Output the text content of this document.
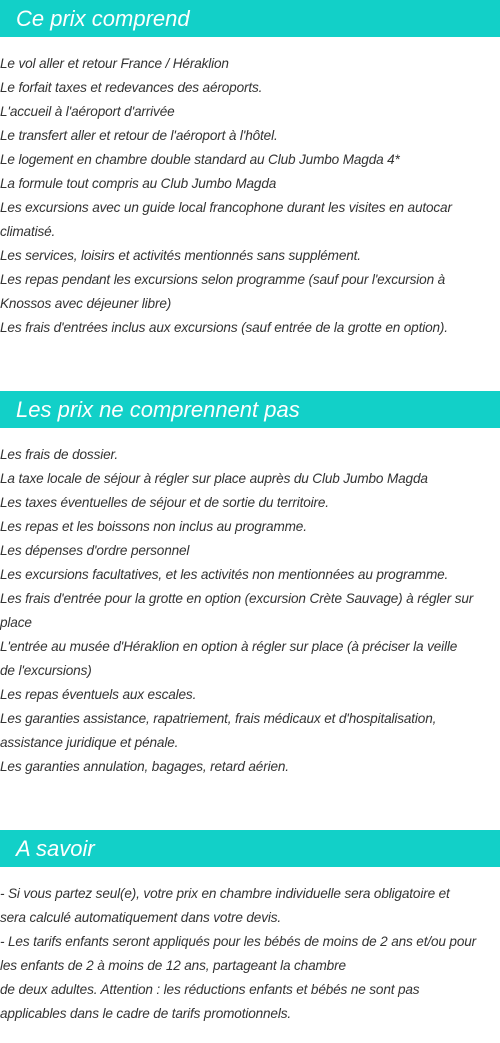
Ce prix comprend
Le vol aller et retour France / Héraklion
Le forfait taxes et redevances des aéroports.
L'accueil à l'aéroport d'arrivée
Le transfert aller et retour de l'aéroport à l'hôtel.
Le logement en chambre double standard au Club Jumbo Magda 4*
La formule tout compris au Club Jumbo Magda
Les excursions avec un guide local francophone durant les visites en autocar
climatisé.
Les services, loisirs et activités mentionnés sans supplément.
Les repas pendant les excursions selon programme (sauf pour l'excursion à
Knossos avec déjeuner libre)
Les frais d'entrées inclus aux excursions (sauf entrée de la grotte en option).
Les prix ne comprennent pas
Les frais de dossier.
La taxe locale de séjour à régler sur place auprès du Club Jumbo Magda
Les taxes éventuelles de séjour et de sortie du territoire.
Les repas et les boissons non inclus au programme.
Les dépenses d'ordre personnel
Les excursions facultatives, et les activités non mentionnées au programme.
Les frais d'entrée pour la grotte en option (excursion Crète Sauvage) à régler sur
place
L'entrée au musée d'Héraklion en option à régler sur place (à préciser la veille
de l'excursions)
Les repas éventuels aux escales.
Les garanties assistance, rapatriement, frais médicaux et d'hospitalisation,
assistance juridique et pénale.
Les garanties annulation, bagages, retard aérien.
A savoir
- Si vous partez seul(e), votre prix en chambre individuelle sera obligatoire et
sera calculé automatiquement dans votre devis.
- Les tarifs enfants seront appliqués pour les bébés de moins de 2 ans et/ou pour
les enfants de 2 à moins de 12 ans, partageant la chambre
de deux adultes. Attention : les réductions enfants et bébés ne sont pas
applicables dans le cadre de tarifs promotionnels.
